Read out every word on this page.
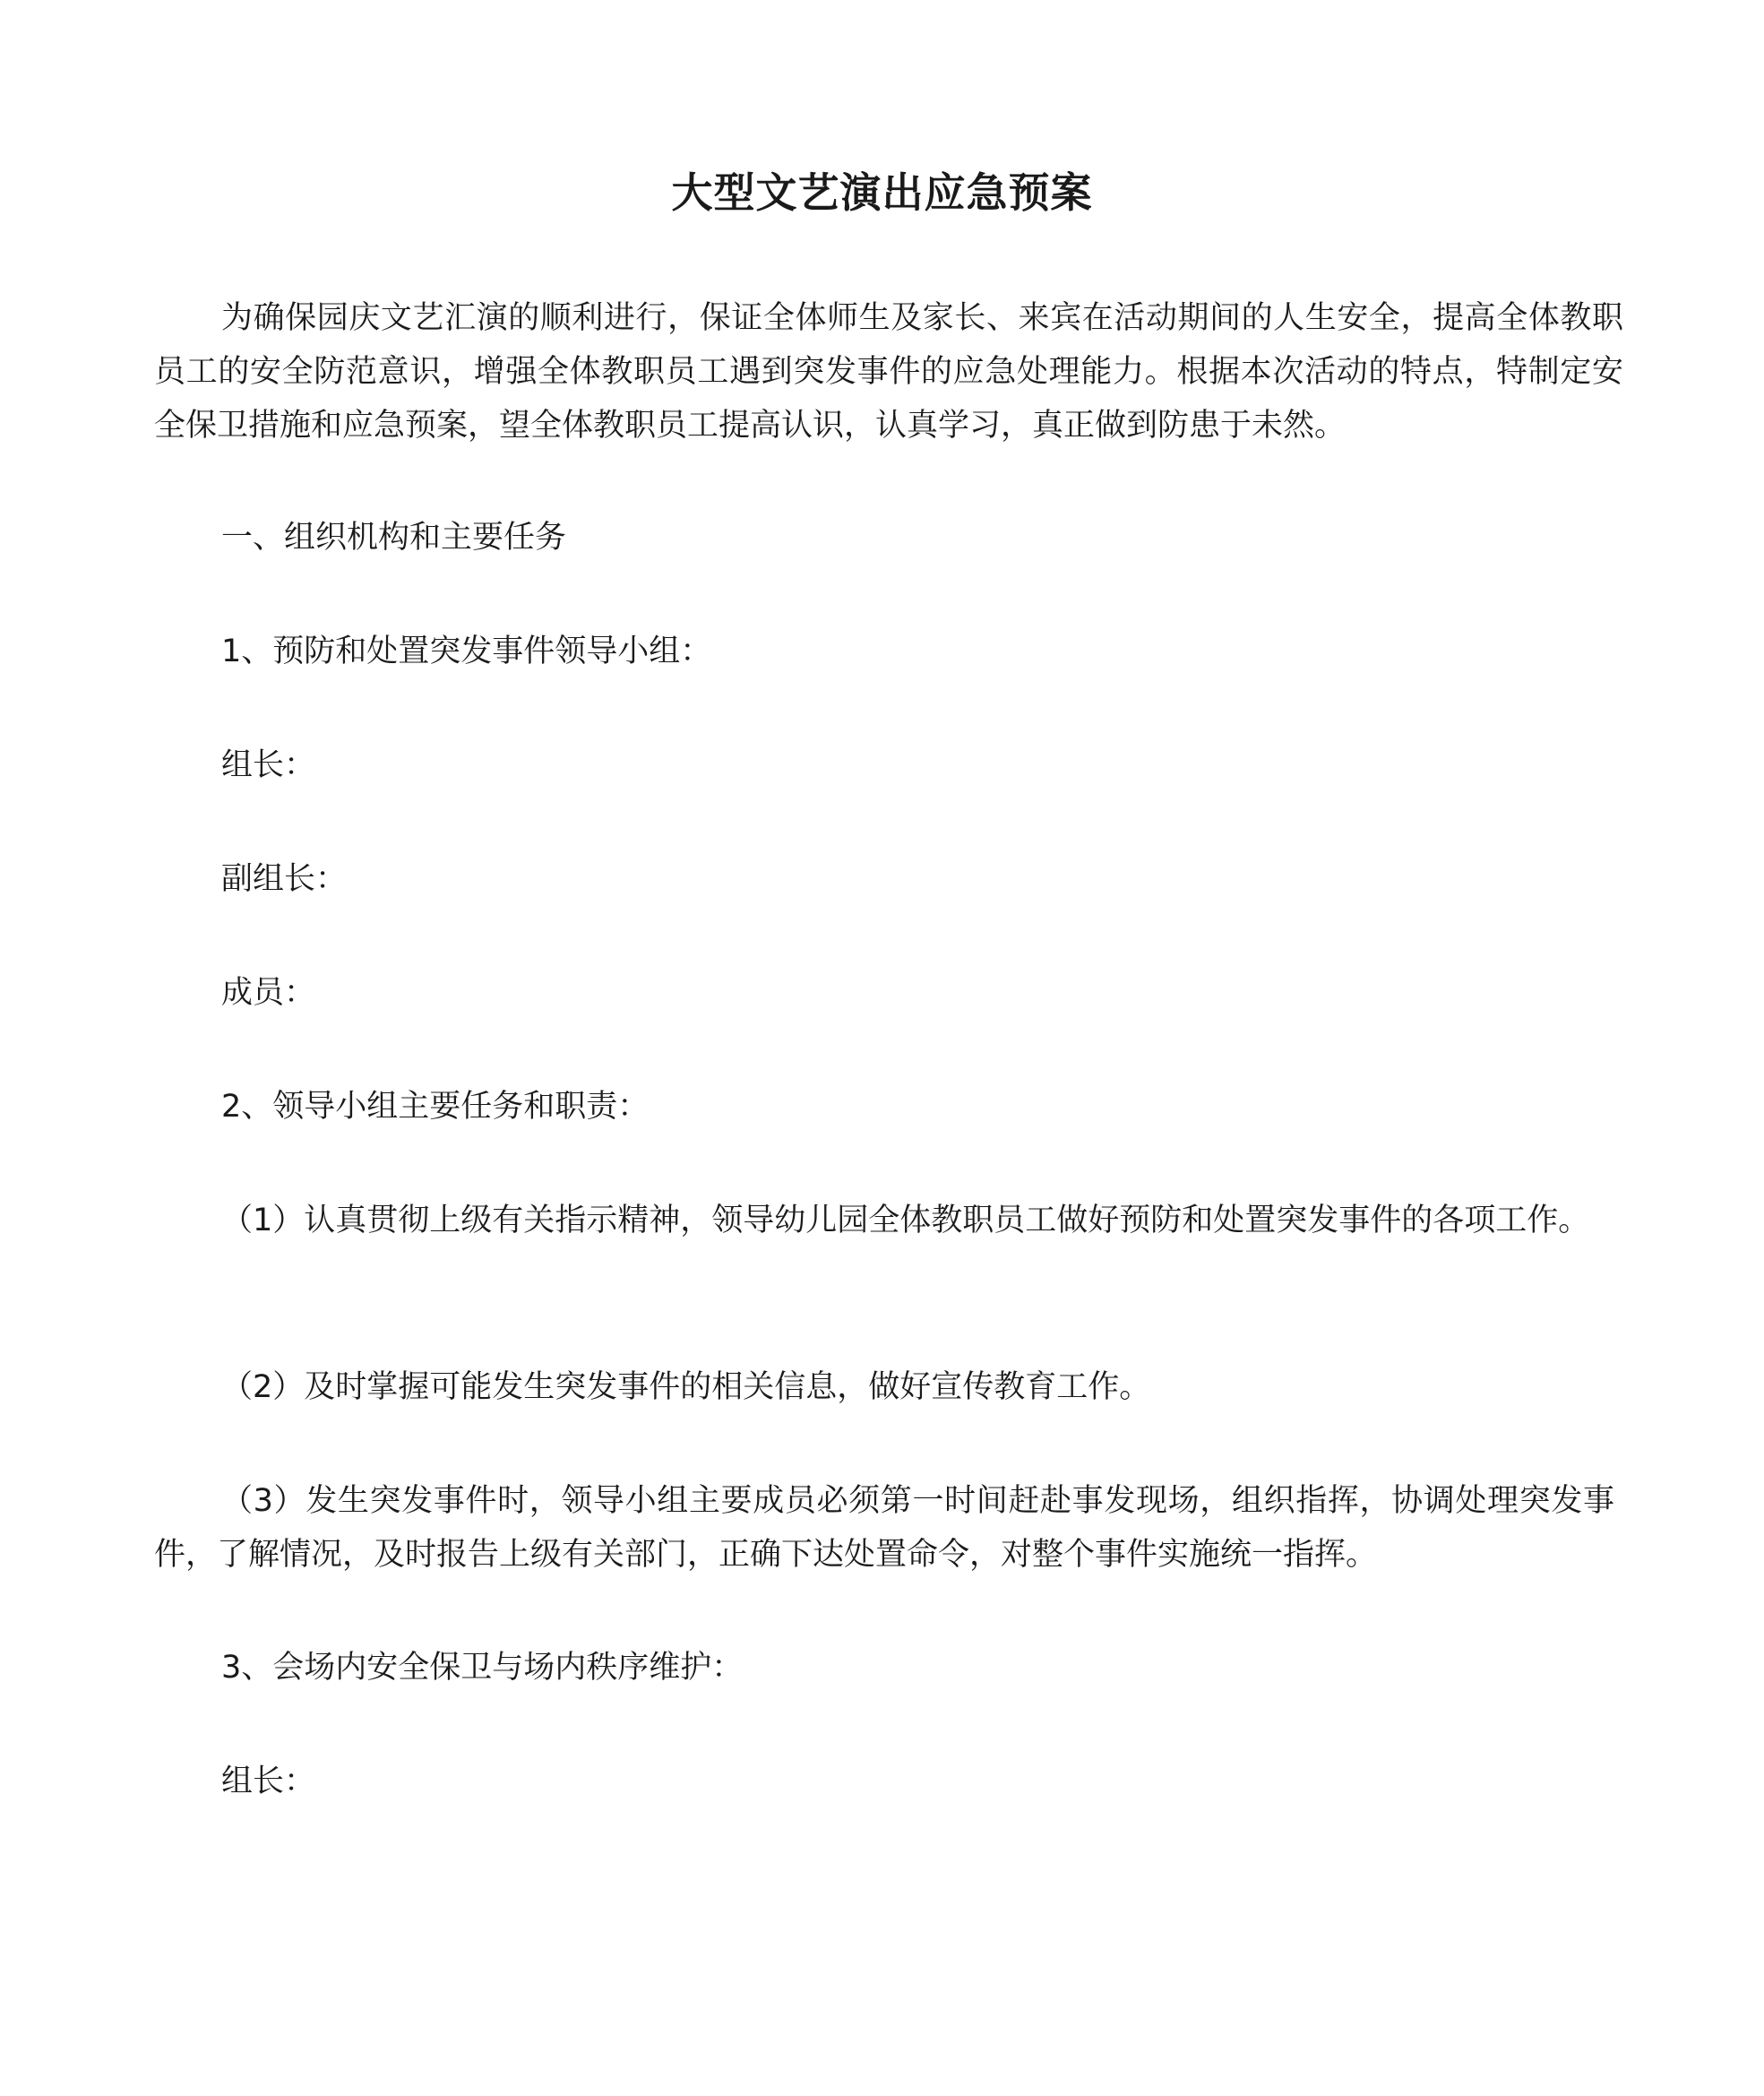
大型文艺演出应急预案

为确保园庆文艺汇演的顺利进行，保证全体师生及家长、来宾在活动期间的人生安全，提高全体教职员工的安全防范意识，增强全体教职员工遇到突发事件的应急处理能力。根据本次活动的特点，特制定安全保卫措施和应急预案，望全体教职员工提高认识，认真学习，真正做到防患于未然。

一、组织机构和主要任务

1、预防和处置突发事件领导小组：

组长：

副组长：

成员：

2、领导小组主要任务和职责：

（1）认真贯彻上级有关指示精神，领导幼儿园全体教职员工做好预防和处置突发事件的各项工作。

（2）及时掌握可能发生突发事件的相关信息，做好宣传教育工作。

（3）发生突发事件时，领导小组主要成员必须第一时间赶赴事发现场，组织指挥，协调处理突发事件，了解情况，及时报告上级有关部门，正确下达处置命令，对整个事件实施统一指挥。

3、会场内安全保卫与场内秩序维护：

组长：
